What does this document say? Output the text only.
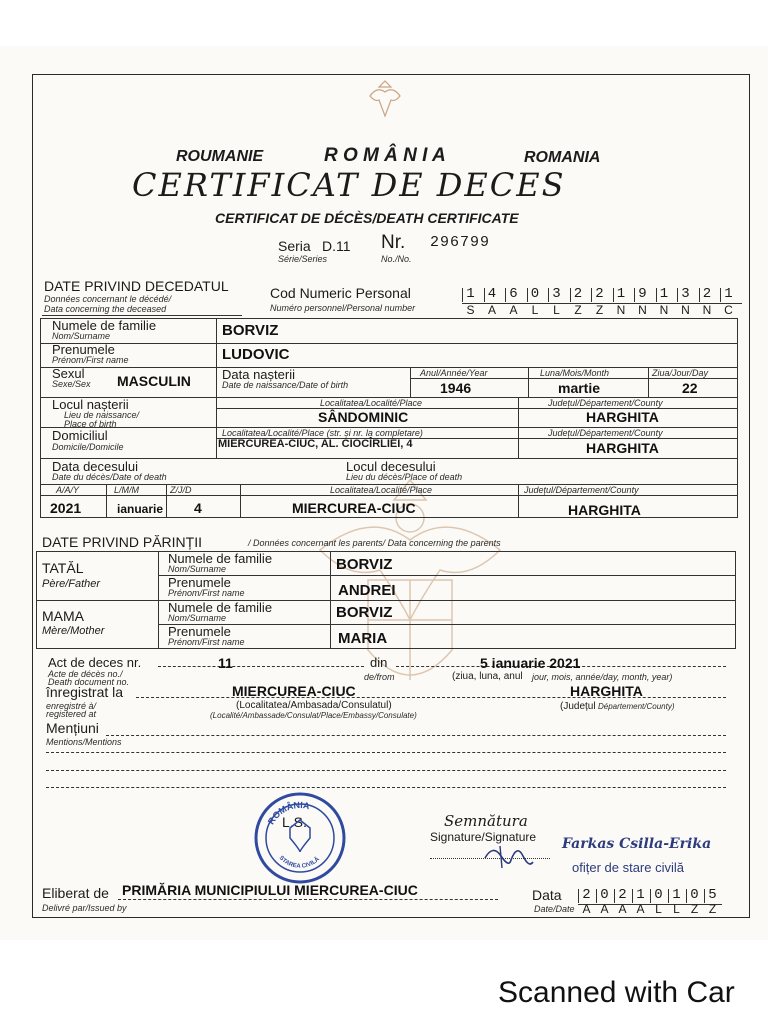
ROUMANIE	R O M Â N I A	ROMANIA
CERTIFICAT DE DECES
CERTIFICAT DE DÉCÈS/DEATH CERTIFICATE
Seria D.11
Série/Series
Nr. 296799
No./No.
DATE PRIVIND DECEDATUL
Données concernant le décédé/
Data concerning the deceased
Cod Numeric Personal
Numéro personnel/Personal number
1 4 6 0 3 2 2 1 9 1 3 2 1
S	A	A	L	L	Z	Z	N	N	N	N	N	C
Numele de familie
Nom/Surname	BORVIZ
Prenumele
Prénom/First name	LUDOVIC
Sexul
Sexe/Sex MASCULIN Data nașterii
Date de naissance/Date of birth
Anul/Année/Year	Luna/Mois/Month	Ziua/Jour/Day
1946	martie	22
Locul nașterii
Lieu de naissance/
Place of birth
Localitatea/Localité/Place	Județul/Département/County
SÂNDOMINIC	HARGHITA
Domiciliul
Domicile/Domicile
Localitatea/Localité/Place (str. și nr. la completare)	Județul/Département/County
MIERCUREA-CIUC, AL. CIOCÎRLIEI, 4	HARGHITA
Data decesului
Date du décès/Date of death
Locul decesului
Lieu du décès/Place of death
A/A/Y	L/M/M	Z/J/D	Localitatea/Localité/Place	Județul/Département/County
2021	ianuarie 4	MIERCUREA-CIUC	HARGHITA
DATE PRIVIND PĂRINȚII	/ Données concernant les parents/ Data concerning the parents
TATĂL
Père/Father
Numele de familie
Nom/Surname	BORVIZ
Prenumele
Prénom/First name	ANDREI
MAMA
Mère/Mother
Numele de familie
Nom/Surname	BORVIZ
Prenumele
Prénom/First name	MARIA
Act de deces nr.
Acte de décès no./
Death document no.
11	din
de/from
5 ianuarie 2021
(ziua, luna, anul jour, mois, année/day, month, year)
înregistrat la
enregistré à/
registered at
MIERCUREA-CIUC	HARGHITA
(Localitatea/Ambasada/Consulatul)
(Localité/Ambassade/Consulat/Place/Embassy/Consulate)
(Județul Département/County)
Mențiuni
Mentions/Mentions
L.S.
ROMÂNIA
STAREA CIVILĂ
Semnătura
Signature/Signature Farkas Csilla-Erika
ofițer de stare civilă
Eliberat de
Delivré par/Issued by
PRIMĂRIA MUNICIPIULUI MIERCUREA-CIUC	Data
Date/Date
2 0 2 1 0 1 0 5
A A A A L L Z Z
Scanned with Car
